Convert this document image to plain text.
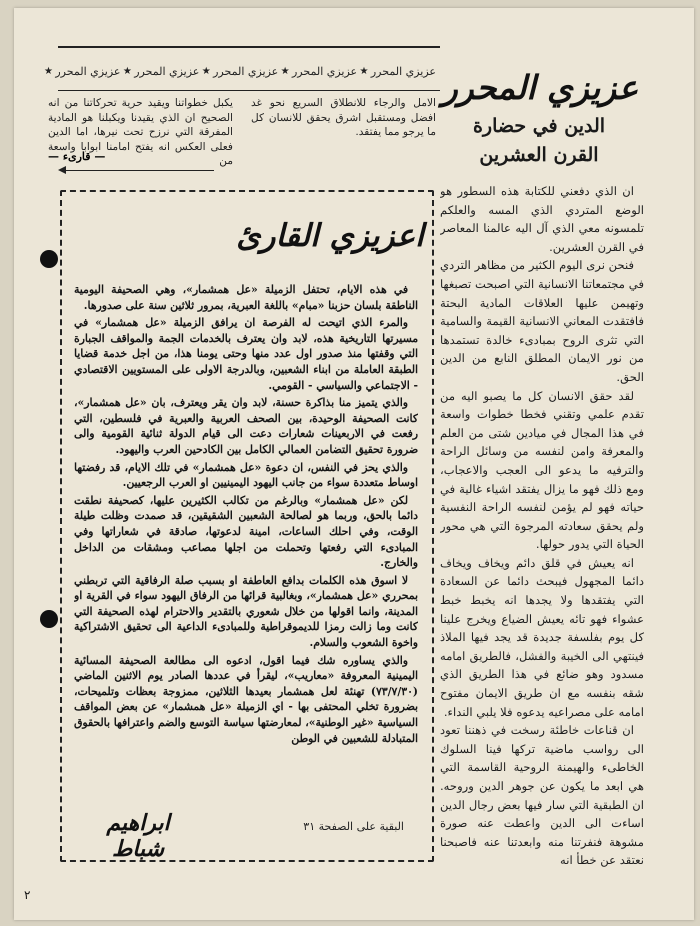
★ عزيزي المحرر ★ عزيزي المحرر ★ عزيزي المحرر ★ عزيزي المحرر ★ عزيزي المحرر عزيزي المحرر
الدين في حضارة
القرن العشرين

ان الذي دفعني للكتابة هذه السطور هو الوضع المتردي الذي المسه والعلكم تلمسونه معي الذي آل اليه عالمنا المعاصر في القرن العشرين.

فنحن نرى اليوم الكثير من مظاهر التردي في مجتمعاتنا الانسانية التي اصبحت تصبغها وتهيمن عليها العلاقات المادية البحتة فافتقدت المعاني الانسانية القيمة والسامية التي تثرى الروح بمبادىء خالدة تستمدها من نور الايمان المطلق النابع من الدين الحق.

لقد حقق الانسان كل ما يصبو اليه من تقدم علمي وتقني فخطا خطوات واسعة في هذا المجال في ميادين شتى من العلم والمعرفة وامن لنفسه من وسائل الراحة والترفيه ما يدعو الى العجب والاعجاب، ومع ذلك فهو ما يزال يفتقد اشياء غالية في حياته فهو لم يؤمن لنفسه الراحة النفسية ولم يحقق سعادته المرجوة التي هي محور الحياة التي يدور حولها.

انه يعيش في قلق دائم ويخاف ويخاف دائما المجهول فيبحث دائما عن السعادة التي يفتقدها ولا يجدها انه يخبط خبط عشواء فهو تائه يعيش الضياع ويخرج علينا كل يوم بفلسفة جديدة قد يجد فيها الملاذ فينتهي الى الخيبة والفشل، فالطريق امامه مسدود وهو ضائع في هذا الطريق الذي شقه بنفسه مع ان طريق الايمان مفتوح امامه على مصراعيه يدعوه فلا يلبي النداء.

ان قناعات خاطئة رسخت في ذهننا تعود الى رواسب ماضية تركها فينا السلوك الخاطىء والهيمنة الروحية القاسمة التي هي ابعد ما يكون عن جوهر الدين وروحه. ان الطبقية التي سار فيها بعض رجال الدين اساءت الى الدين واعطت عنه صورة مشوهة فنفرتنا منه وابعدتنا عنه فاصبحنا نعتقد عن خطأ انه

يكبل خطواتنا ويقيد حرية تحركاتنا من انه الصحيح ان الذي يقيدنا ويكبلنا هو المادية المفرقة التي نرزح تحت نيرها، اما الدين فعلى العكس انه يفتح امامنا ابوابا واسعة من
الامل والرجاء للانطلاق السريع نحو غد افضل ومستقبل اشرق يحقق للانسان كل ما يرجو مما يفتقد.
— قارىء —
اعزيزي القارئ

في هذه الايام، تحتفل الزميلة «عل همشمار»، وهي الصحيفة اليومية الناطقة بلسان حزبنا «مبام» باللغة العبرية، بمرور ثلاثين سنة على صدورها.

والمرء الذي اتيحت له الفرصة ان يرافق الزميلة «عل همشمار» في مسيرتها التاريخية هذه، لابد وان يعترف بالخدمات الجمة والمواقف الجبارة التي وقفتها منذ صدور اول عدد منها وحتى يومنا هذا، من اجل خدمة قضايا الطبقة العاملة من ابناء الشعبين، وبالدرجة الاولى على المستويين الاقتصادي - الاجتماعي والسياسي - القومي.

والذي يتميز منا بذاكرة حسنة، لابد وان يقر ويعترف، بان «عل همشمار»، كانت الصحيفة الوحيدة، بين الصحف العربية والعبرية في فلسطين، التي رفعت في الاربعينات شعارات دعت الى قيام الدولة ثنائية القومية والى ضرورة تحقيق التضامن العمالي الكامل بين الكادحين العرب واليهود.

والذي يحز في النفس، ان دعوة «عل همشمار» في تلك الايام، قد رفضتها اوساط متعددة سواء من جانب اليهود اليمينيين او العرب الرجعيين.

لكن «عل همشمار» وبالرغم من تكالب الكثيرين عليها، كصحيفة نطقت دائما بالحق، وربما هو لصالحة الشعبين الشقيقين، قد صمدت وظلت طيلة الوقت، وفي احلك الساعات، امينة لدعوتها، صادقة في شعاراتها وفي المبادىء التي رفعتها وتحملت من اجلها مصاعب ومشقات من الداخل والخارج.

لا اسوق هذه الكلمات بدافع العاطفة او بسبب صلة الرفاقية التي تربطني بمحرري «عل همشمار»، وبغالبية قرائها من الرفاق اليهود سواء في القرية او المدينة، وانما اقولها من خلال شعوري بالتقدير والاحترام لهذه الصحيفة التي كانت وما زالت رمزا للديموقراطية وللمبادىء الداعية الى تحقيق الاشتراكية واخوة الشعوب والسلام.

والذي يساوره شك فيما اقول، ادعوه الى مطالعة الصحيفة المسائية اليمينية المعروفة «معاريب»، ليقرأ في عددها الصادر يوم الاثنين الماضي (٧٣/٧/٣٠) تهنئة لعل همشمار بعيدها الثلاثين، ممزوجة بعظات وتلميحات، بضرورة تخلي المحتفى بها - اي الزميلة «عل همشمار» عن بعض المواقف السياسية «غير الوطنية»، لمعارضتها سياسة التوسع والضم واعترافها بالحقوق المتبادلة للشعبين في الوطن

البقية على الصفحة ٣١
ابراهيم شباط
٢
